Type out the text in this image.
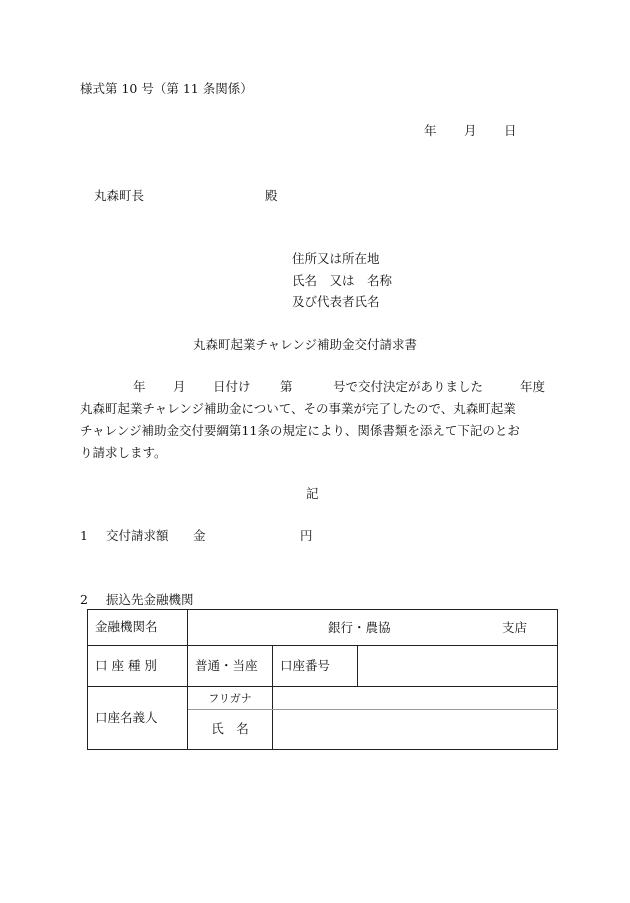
様式第 10 号（第 11 条関係）
年 月 日
丸森町長	殿
住所又は所在地
氏名　又は　名称
及び代表者氏名
丸森町起業チャレンジ補助金交付請求書
年 月 日付け 第	号で交付決定がありました	年度
丸森町起業チャレンジ補助金について、その事業が完了したので、丸森町起業
チャレンジ補助金交付要綱第11条の規定により、関係書類を添えて下記のとお
り請求します。
記
1 交付請求額 金	円
2 振込先金融機関
金融機関名	銀行・農協 支店		

口 座 種 別	普通・当座	口座番号	

口座名義人	フリガナ		

氏　名		
